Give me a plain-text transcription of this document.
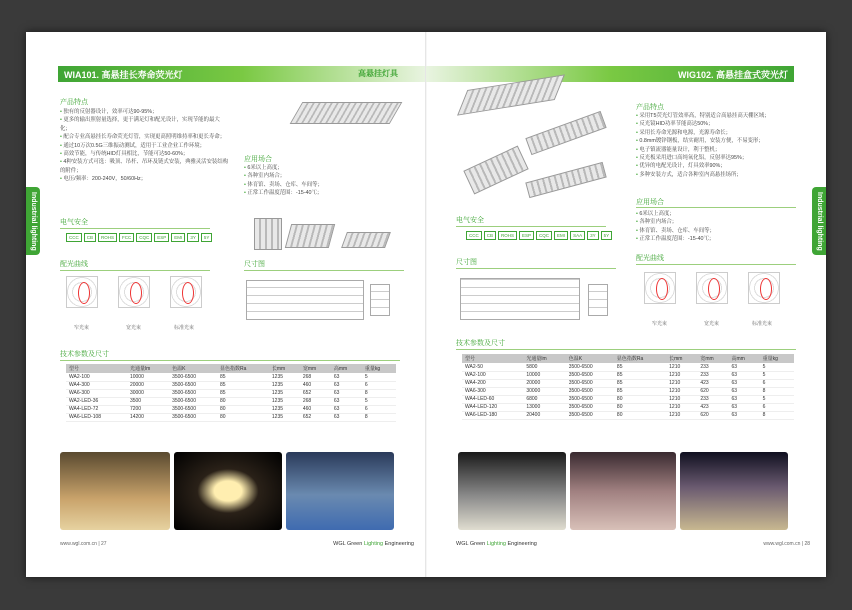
WIA101. 高悬挂长寿命荧光灯	高悬挂灯具
Industrial lighting
产品特点
• 独有的反射器设计，效率可达90-95%；
• 更多的输出照射量选择，更于满足灯和配光设计，实现节能的最大化；
• 配合专业高悬挂长寿命荧光灯管，实现更高照明维持率和更长寿命；
• 通过10万次0.5G三维振动测试，适用于工业企业工作环境；
• 高效节能，与传统HID灯具相比，节能可达50-60%；
• 4种安装方式可选：吸顶、吊杆、吊环及链式安装，典雅灵活安装结构的附件；
• 电压/频率：200-240V，50/60Hz；
应用场合
• 6米以上高度；
• 各种室内场合；
• 体育馆、卖场、仓库、车间等；
• 正常工作温度范围：-15-40℃；
电气安全
CCC	CB	ROHS	FCC	CQC	ESP	EMI	3Y	5Y
配光曲线
窄光束	宽光束	标准光束
尺寸图
技术参数及尺寸
型号	光通量lm	色温K	显色指数Ra	长mm	宽mm	高mm	重量kg
WA2-100	10000	3500-6500	85	1235	268	63	5
WA4-300	20000	3500-6500	85	1235	460	63	6
WA6-300	30000	3500-6500	85	1235	652	63	8
WA2-LED-36	3500	3500-6500	80	1235	268	63	5
WA4-LED-72	7200	3500-6500	80	1235	460	63	6
WA6-LED-108	14200	3500-6500	80	1235	652	63	8
www.wgl.com.cn | 27	WGL Green Lighting Engineering
WIG102. 高悬挂盒式荧光灯
Industrial lighting
产品特点
• 采用T5荧光灯管效率高，特别适合高悬挂高天棚区域；
• 反光镜HID功率节能高达50%；
• 采用长寿命光源和电源，光源寿命长；
• 0.8mm镀锌钢板，结实耐用，安装方便，不易变形；
• 电子镇流器能量设计，利于整机；
• 反光板采用进口高纯氧化铝，反射率达95%；
• 优异的电配光设计，灯具效率90%；
• 多种安装方式，适合各种室内高悬挂场所；
应用场合
• 6米以上高度；
• 各种室内场合；
• 体育馆、卖场、仓库、车间等；
• 正常工作温度范围：-15-40℃；
电气安全
CCC	CB	ROHS	ESP	CQC	EMI	SAA	3Y	5Y
配光曲线
窄光束	宽光束	标准光束
尺寸图
技术参数及尺寸
型号	光通量lm	色温K	显色指数Ra	长mm	宽mm	高mm	重量kg
WA2-50	5800	3500-6500	85	1210	233	63	5
WA2-100	10000	3500-6500	85	1210	233	63	5
WA4-200	20000	3500-6500	85	1210	423	63	6
WA6-300	30000	3500-6500	85	1210	620	63	8
WA4-LED-60	6800	3500-6500	80	1210	233	63	5
WA4-LED-120	13000	3500-6500	80	1210	423	63	6
WA6-LED-180	20400	3500-6500	80	1210	620	63	8
WGL Green Lighting Engineering	www.wgl.com.cn | 28
